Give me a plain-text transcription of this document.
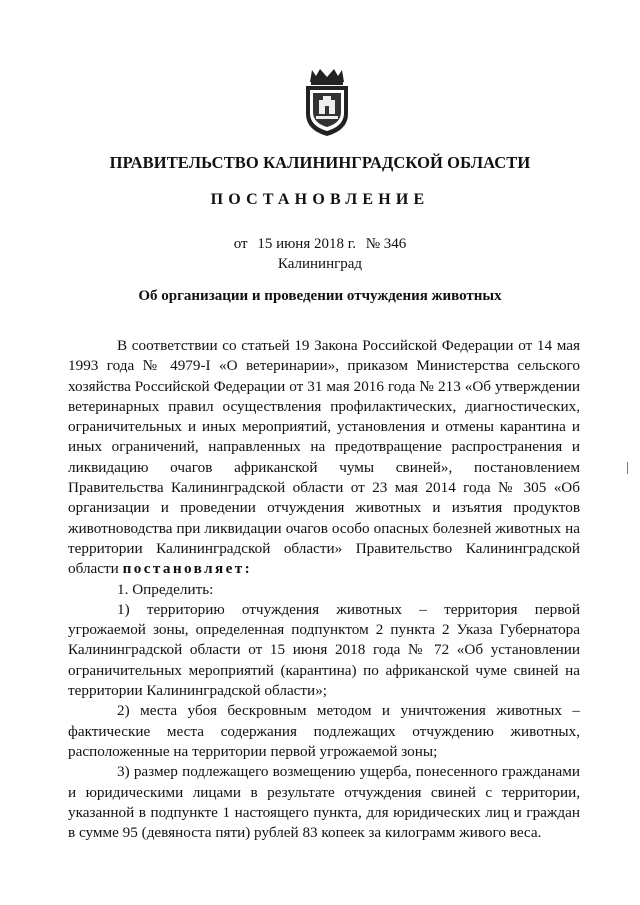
ПРАВИТЕЛЬСТВО КАЛИНИНГРАДСКОЙ ОБЛАСТИ
ПОСТАНОВЛЕНИЕ
от 15 июня 2018 г. № 346
Калининград
Об организации и проведении отчуждения животных

В соответствии со статьей 19 Закона Российской Федерации от 14 мая 1993 года № 4979-I «О ветеринарии», приказом Министерства сельского хозяйства Российской Федерации от 31 мая 2016 года № 213 «Об утверждении ветеринарных правил осуществления профилактических, диагностических, ограничительных и иных мероприятий, установления и отмены карантина и иных ограничений, направленных на предотвращение распространения и ликвидацию очагов африканской чумы свиней», постановлением Правительства Калининградской области от 23 мая 2014 года № 305 «Об организации и проведении отчуждения животных и изъятия продуктов животноводства при ликвидации очагов особо опасных болезней животных на территории Калининградской области» Правительство Калининградской области постановляет:

1. Определить:

1) территорию отчуждения животных – территория первой угрожаемой зоны, определенная подпунктом 2 пункта 2 Указа Губернатора Калининградской области от 15 июня 2018 года № 72 «Об установлении ограничительных мероприятий (карантина) по африканской чуме свиней на территории Калининградской области»;

2) места убоя бескровным методом и уничтожения животных – фактические места содержания подлежащих отчуждению животных, расположенные на территории первой угрожаемой зоны;

3) размер подлежащего возмещению ущерба, понесенного гражданами и юридическими лицами в результате отчуждения свиней с территории, указанной в подпункте 1 настоящего пункта, для юридических лиц и граждан в сумме 95 (девяноста пяти) рублей 83 копеек за килограмм живого веса.
